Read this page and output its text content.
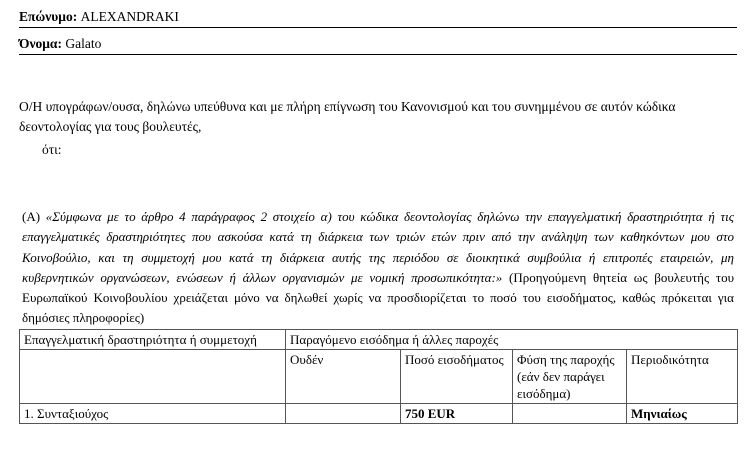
Επώνυμο: ALEXANDRAKI
Όνομα: Galato
Ο/Η υπογράφων/ουσα, δηλώνω υπεύθυνα και με πλήρη επίγνωση του Κανονισμού και του συνημμένου σε αυτόν κώδικα δεοντολογίας για τους βουλευτές,
ότι:
(A) «Σύμφωνα με το άρθρο 4 παράγραφος 2 στοιχείο α) του κώδικα δεοντολογίας δηλώνω την επαγγελματική δραστηριότητα ή τις επαγγελματικές δραστηριότητες που ασκούσα κατά τη διάρκεια των τριών ετών πριν από την ανάληψη των καθηκόντων μου στο Κοινοβούλιο, και τη συμμετοχή μου κατά τη διάρκεια αυτής της περιόδου σε διοικητικά συμβούλια ή επιτροπές εταιρειών, μη κυβερνητικών οργανώσεων, ενώσεων ή άλλων οργανισμών με νομική προσωπικότητα:» (Προηγούμενη θητεία ως βουλευτής του Ευρωπαϊκού Κοινοβουλίου χρειάζεται μόνο να δηλωθεί χωρίς να προσδιορίζεται το ποσό του εισοδήματος, καθώς πρόκειται για δημόσιες πληροφορίες)
Επαγγελματική δραστηριότητα ή συμμετοχή	Παραγόμενο εισόδημα ή άλλες παροχές			
	Ουδέν	Ποσό εισοδήματος	Φύση της παροχής (εάν δεν παράγει εισόδημα)	Περιοδικότητα
1. Συνταξιούχος		750 EUR		Μηνιαίως
